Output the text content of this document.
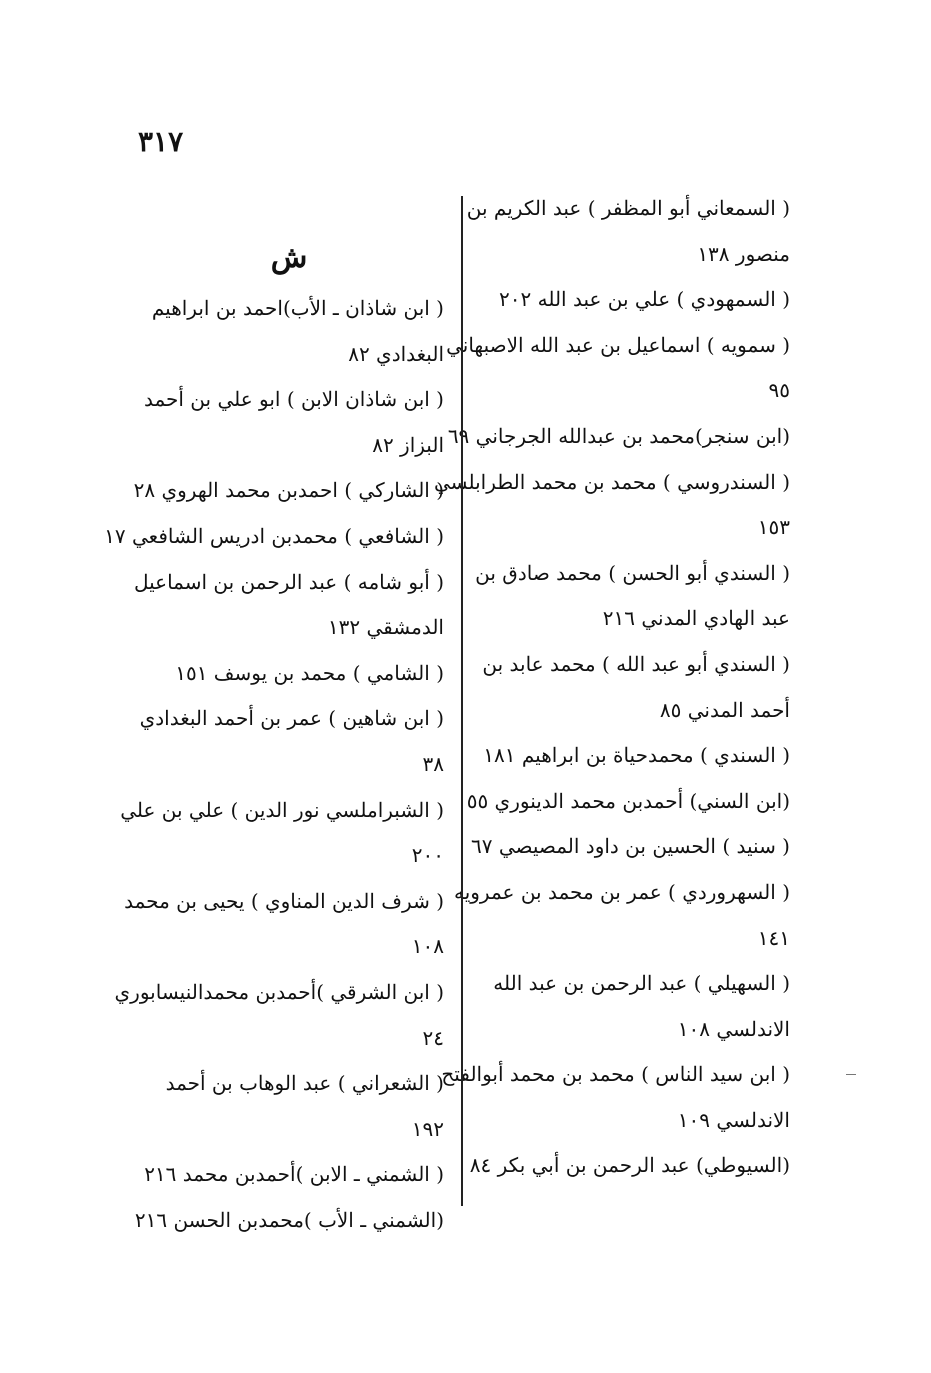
٣١٧
( السمعاني أبو المظفر ) عبد الكريم بن
منصور ١٣٨
( السمهودي ) علي بن عبد الله ٢٠٢
( سمويه ) اسماعيل بن عبد الله الاصبهاني
٩٥
(ابن سنجر)محمد بن عبدالله الجرجاني ٦٩
( السندروسي ) محمد بن محمد الطرابلسي
١٥٣
( السندي أبو الحسن ) محمد صادق بن
عبد الهادي المدني ٢١٦
( السندي أبو عبد الله ) محمد عابد بن
أحمد المدني ٨٥
( السندي ) محمدحياة بن ابراهيم ١٨١
(ابن السني) أحمدبن محمد الدينوري ٥٥
( سنيد ) الحسين بن داود المصيصي ٦٧
( السهروردي ) عمر بن محمد بن عمرويه
١٤١
( السهيلي ) عبد الرحمن بن عبد الله
الاندلسي ١٠٨
( ابن سيد الناس ) محمد بن محمد أبوالفتح
الاندلسي ١٠٩
(السيوطي) عبد الرحمن بن أبي بكر ٨٤
ش
( ابن شاذان ـ الأب)احمد بن ابراهيم
البغدادي ٨٢
( ابن شاذان الابن ) ابو علي بن أحمد
البزاز ٨٢
( الشاركي ) احمدبن محمد الهروي ٢٨
( الشافعي ) محمدبن ادريس الشافعي ١٧
( أبو شامه ) عبد الرحمن بن اسماعيل
الدمشقي ١٣٢
( الشامي ) محمد بن يوسف ١٥١
( ابن شاهين ) عمر بن أحمد البغدادي
٣٨
( الشبراملسي نور الدين ) علي بن علي
٢٠٠
( شرف الدين المناوي ) يحيى بن محمد
١٠٨
( ابن الشرقي )أحمدبن محمدالنيسابوري
٢٤
( الشعراني ) عبد الوهاب بن أحمد
١٩٢
( الشمني ـ الابن )أحمدبن محمد ٢١٦
(الشمني ـ الأب )محمدبن الحسن ٢١٦
